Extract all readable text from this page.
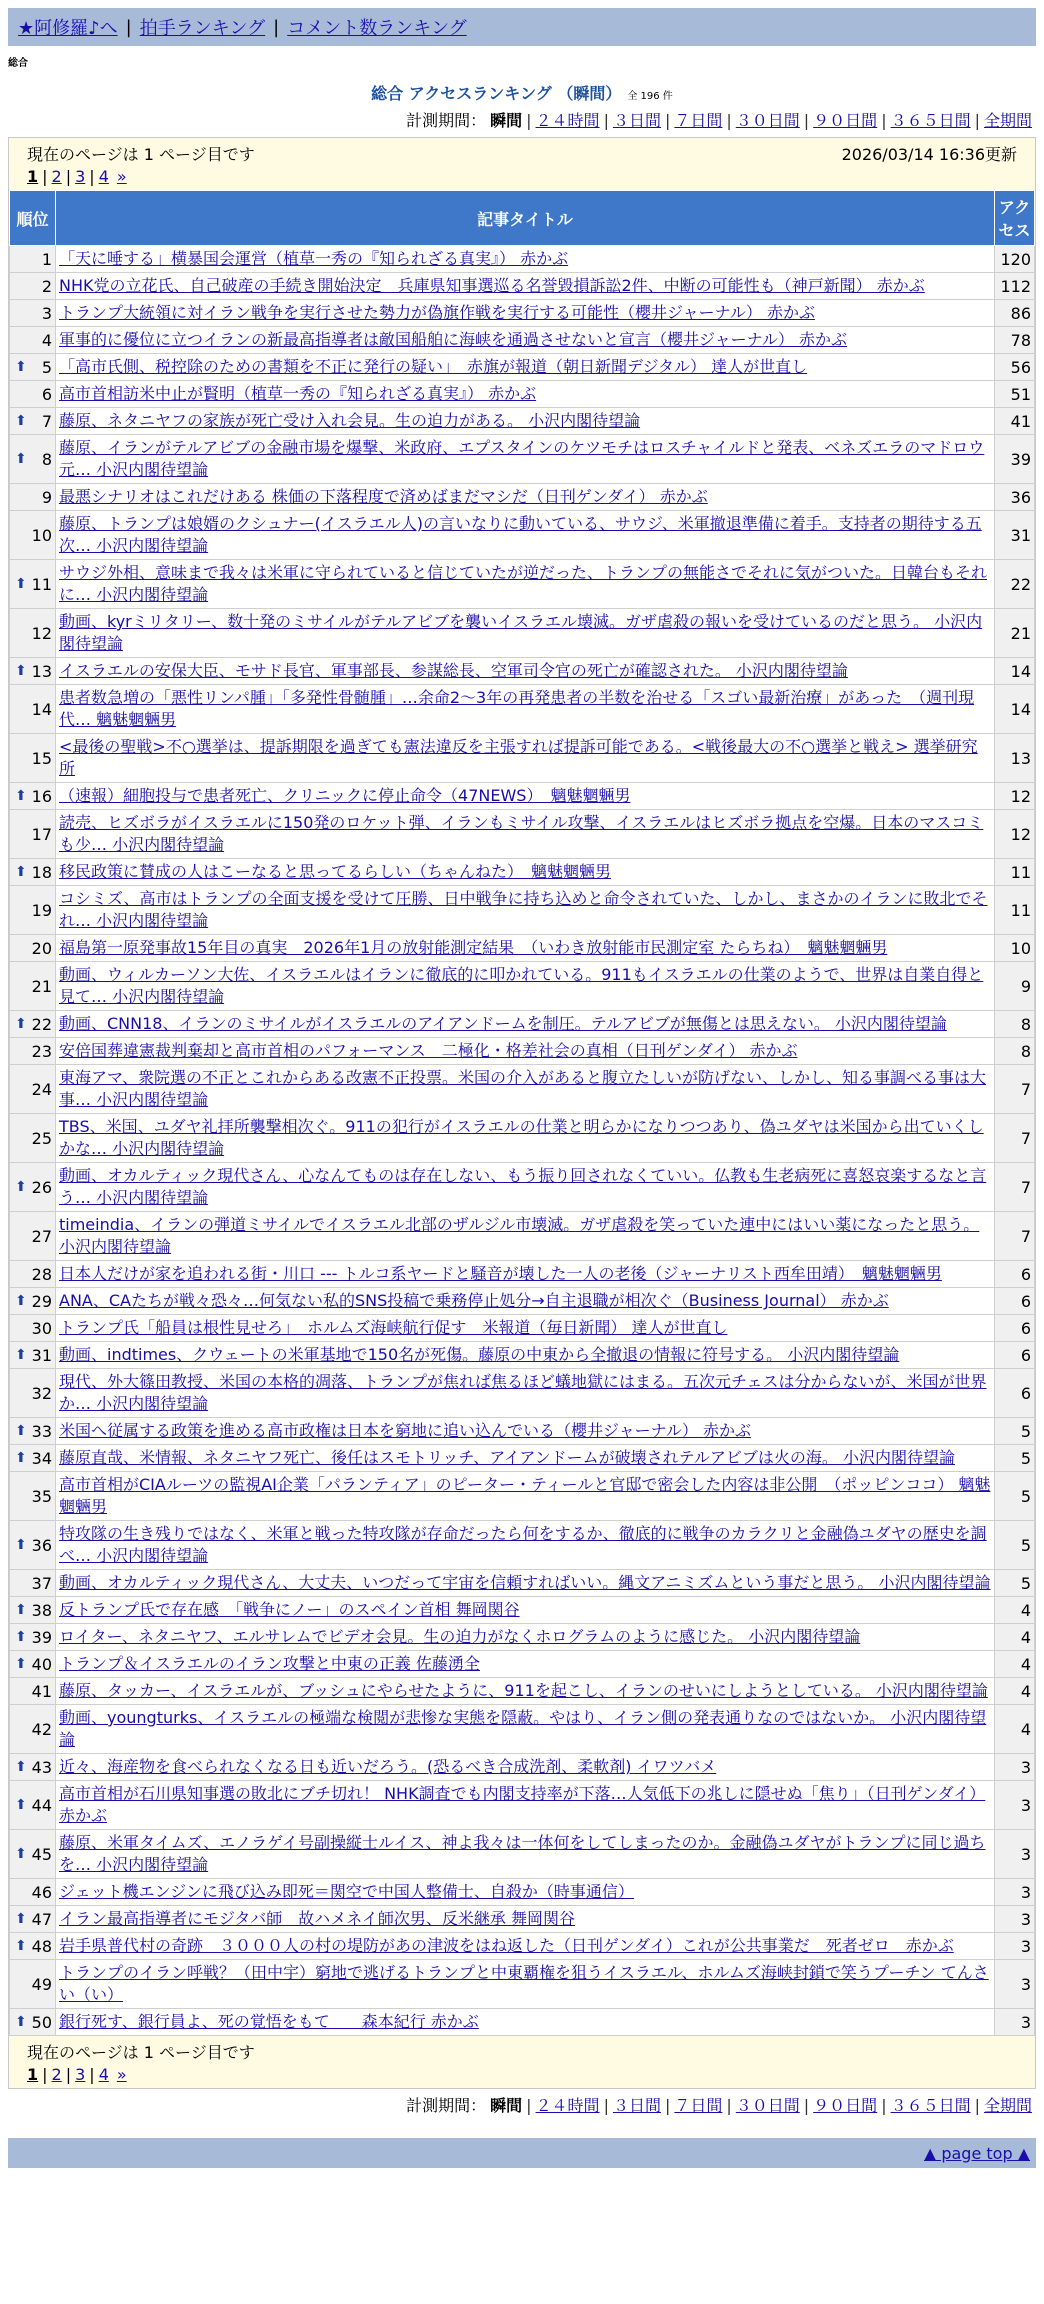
★阿修羅♪へ | 拍手ランキング | コメント数ランキング
総合
総合 アクセスランキング （瞬間） 全 196 件
計測期間： 瞬間 | ２４時間 | ３日間 | ７日間 | ３０日間 | ９０日間 | ３６５日間 | 全期間
現在のページは 1 ページ目です	2026/03/14 16:36更新
1 | 2 | 3 | 4 »
順位	記事タイトル	アクセス
1	「天に唾する」横暴国会運営（植草一秀の『知られざる真実』） 赤かぶ	120
2	NHK党の立花氏、自己破産の手続き開始決定　兵庫県知事選巡る名誉毀損訴訟2件、中断の可能性も（神戸新聞） 赤かぶ	112
3	トランプ大統領に対イラン戦争を実行させた勢力が偽旗作戦を実行する可能性（櫻井ジャーナル） 赤かぶ	86
4	軍事的に優位に立つイランの新最高指導者は敵国船舶に海峡を通過させないと宣言（櫻井ジャーナル） 赤かぶ	78

⬆ 5	「高市氏側、税控除のための書類を不正に発行の疑い」　赤旗が報道（朝日新聞デジタル） 達人が世直し	56
6	高市首相訪米中止が賢明（植草一秀の『知られざる真実』） 赤かぶ	51

⬆ 7	藤原、ネタニヤフの家族が死亡受け入れ会見。生の迫力がある。 小沢内閣待望論	41

⬆ 8	藤原、イランがテルアビブの金融市場を爆撃、米政府、エプスタインのケツモチはロスチャイルドと発表、ベネズエラのマドロウ元… 小沢内閣待望論	39
9	最悪シナリオはこれだけある 株価の下落程度で済めばまだマシだ（日刊ゲンダイ） 赤かぶ	36
10	藤原、トランプは娘婿のクシュナー(イスラエル人)の言いなりに動いている、サウジ、米軍撤退準備に着手。支持者の期待する五次… 小沢内閣待望論	31

⬆ 11	サウジ外相、意味まで我々は米軍に守られていると信じていたが逆だった、トランプの無能さでそれに気がついた。日韓台もそれに… 小沢内閣待望論	22
12	動画、kyrミリタリー、数十発のミサイルがテルアビブを襲いイスラエル壊滅。ガザ虐殺の報いを受けているのだと思う。 小沢内閣待望論	21

⬆ 13	イスラエルの安保大臣、モサド長官、軍事部長、参謀総長、空軍司令官の死亡が確認された。 小沢内閣待望論	14
14	患者数急増の「悪性リンパ腫」「多発性骨髄腫」…余命2～3年の再発患者の半数を治せる「スゴい最新治療」があった　（週刊現代… 魑魅魍魎男	14
15	<最後の聖戦>不○選挙は、提訴期限を過ぎても憲法違反を主張すれば提訴可能である。<戦後最大の不○選挙と戦え> 選挙研究所	13

⬆ 16	（速報）細胞投与で患者死亡、クリニックに停止命令（47NEWS）　魑魅魍魎男	12
17	読売、ヒズボラがイスラエルに150発のロケット弾、イランもミサイル攻撃、イスラエルはヒズボラ拠点を空爆。日本のマスコミも少… 小沢内閣待望論	12

⬆ 18	移民政策に賛成の人はこーなると思ってるらしい（ちゃんねた）　魑魅魍魎男	11
19	コシミズ、高市はトランプの全面支援を受けて圧勝、日中戦争に持ち込めと命令されていた、しかし、まさかのイランに敗北でそれ… 小沢内閣待望論	11
20	福島第一原発事故15年目の真実　2026年1月の放射能測定結果　（いわき放射能市民測定室 たらちね）　魑魅魍魎男	10
21	動画、ウィルカーソン大佐、イスラエルはイランに徹底的に叩かれている。911もイスラエルの仕業のようで、世界は自業自得と見て… 小沢内閣待望論	9

⬆ 22	動画、CNN18、イランのミサイルがイスラエルのアイアンドームを制圧。テルアビブが無傷とは思えない。 小沢内閣待望論	8
23	安倍国葬違憲裁判棄却と高市首相のパフォーマンス　二極化・格差社会の真相（日刊ゲンダイ） 赤かぶ	8
24	東海アマ、衆院選の不正とこれからある改憲不正投票。米国の介入があると腹立たしいが防げない、しかし、知る事調べる事は大事… 小沢内閣待望論	7
25	TBS、米国、ユダヤ礼拝所襲撃相次ぐ。911の犯行がイスラエルの仕業と明らかになりつつあり、偽ユダヤは米国から出ていくしかな… 小沢内閣待望論	7

⬆ 26	動画、オカルティック現代さん、心なんてものは存在しない、もう振り回されなくていい。仏教も生老病死に喜怒哀楽するなと言う… 小沢内閣待望論	7
27	timeindia、イランの弾道ミサイルでイスラエル北部のザルジル市壊滅。ガザ虐殺を笑っていた連中にはいい薬になったと思う。 小沢内閣待望論	7
28	日本人だけが家を追われる街・川口 --- トルコ系ヤードと騒音が壊した一人の老後（ジャーナリスト西牟田靖）　魑魅魍魎男	6

⬆ 29	ANA、CAたちが戦々恐々…何気ない私的SNS投稿で乗務停止処分→自主退職が相次ぐ（Business Journal） 赤かぶ	6
30	トランプ氏「船員は根性見せろ」　ホルムズ海峡航行促す　米報道（毎日新聞） 達人が世直し	6

⬆ 31	動画、indtimes、クウェートの米軍基地で150名が死傷。藤原の中東から全撤退の情報に符号する。 小沢内閣待望論	6
32	現代、外大篠田教授、米国の本格的凋落、トランプが焦れば焦るほど蟻地獄にはまる。五次元チェスは分からないが、米国が世界か… 小沢内閣待望論	6

⬆ 33	米国へ従属する政策を進める高市政権は日本を窮地に追い込んでいる（櫻井ジャーナル） 赤かぶ	5

⬆ 34	藤原直哉、米情報、ネタニヤフ死亡、後任はスモトリッチ、アイアンドームが破壊されテルアビブは火の海。 小沢内閣待望論	5
35	高市首相がCIAルーツの監視AI企業「パランティア」のピーター・ティールと官邸で密会した内容は非公開　（ポッピンココ） 魑魅魍魎男	5

⬆ 36	特攻隊の生き残りではなく、米軍と戦った特攻隊が存命だったら何をするか、徹底的に戦争のカラクリと金融偽ユダヤの歴史を調べ… 小沢内閣待望論	5
37	動画、オカルティック現代さん、大丈夫、いつだって宇宙を信頼すればいい。縄文アニミズムという事だと思う。 小沢内閣待望論	5

⬆ 38	反トランプ氏で存在感　「戦争にノー」のスペイン首相 舞岡関谷	4

⬆ 39	ロイター、ネタニヤフ、エルサレムでビデオ会見。生の迫力がなくホログラムのように感じた。 小沢内閣待望論	4

⬆ 40	トランプ＆イスラエルのイラン攻撃と中東の正義 佐藤湧全	4
41	藤原、タッカー、イスラエルが、ブッシュにやらせたように、911を起こし、イランのせいにしようとしている。 小沢内閣待望論	4
42	動画、youngturks、イスラエルの極端な検閲が悲惨な実態を隠蔽。やはり、イラン側の発表通りなのではないか。 小沢内閣待望論	4

⬆ 43	近々、海産物を食べられなくなる日も近いだろう。(恐るべき合成洗剤、柔軟剤) イワツバメ	3

⬆ 44	高市首相が石川県知事選の敗北にブチ切れ！ NHK調査でも内閣支持率が下落…人気低下の兆しに隠せぬ「焦り」（日刊ゲンダイ） 赤かぶ	3

⬆ 45	藤原、米軍タイムズ、エノラゲイ号副操縦士ルイス、神よ我々は一体何をしてしまったのか。金融偽ユダヤがトランプに同じ過ちを… 小沢内閣待望論	3
46	ジェット機エンジンに飛び込み即死＝関空で中国人整備士、自殺か（時事通信）	3

⬆ 47	イラン最高指導者にモジタバ師　故ハメネイ師次男、反米継承 舞岡関谷	3

⬆ 48	岩手県普代村の奇跡　３０００人の村の堤防があの津波をはね返した（日刊ゲンダイ）これが公共事業だ　死者ゼロ　赤かぶ	3
49	トランプのイラン呼戦？（田中宇）窮地で逃げるトランプと中東覇権を狙うイスラエル、ホルムズ海峡封鎖で笑うプーチン てんさい（い）	3

⬆ 50	銀行死す、銀行員よ、死の覚悟をもて　　森本紀行 赤かぶ	3
現在のページは 1 ページ目です
1 | 2 | 3 | 4 »
計測期間： 瞬間 | ２４時間 | ３日間 | ７日間 | ３０日間 | ９０日間 | ３６５日間 | 全期間
▲ page top ▲
